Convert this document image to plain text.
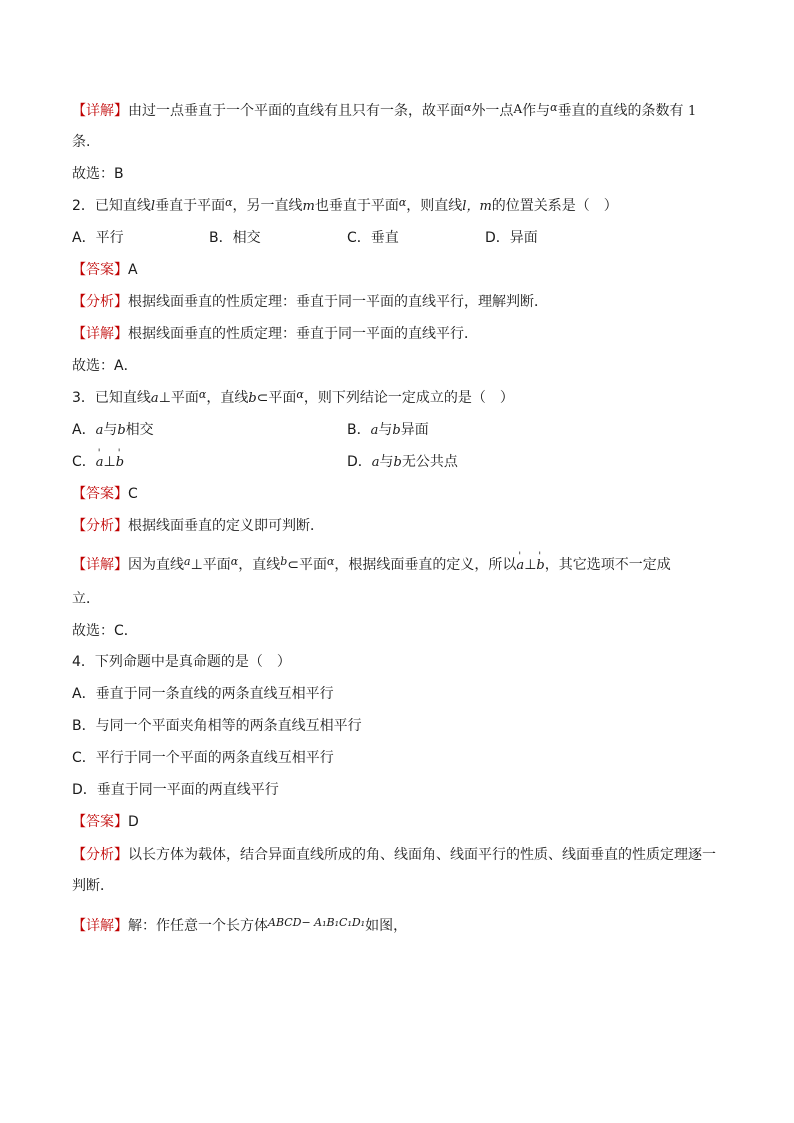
【详解】由过一点垂直于一个平面的直线有且只有一条，故平面$^\alpha$外一点A作与$^\alpha$垂直的直线的条数有 1
条.
故选：B
2．已知直线l垂直于平面$^\alpha$，另一直线m也垂直于平面$^\alpha$，则直线l，m的位置关系是（　）
A．平行	B．相交	C．垂直	D．异面
【答案】A
【分析】根据线面垂直的性质定理：垂直于同一平面的直线平行，理解判断．
【详解】根据线面垂直的性质定理：垂直于同一平面的直线平行．
故选：A．
3．已知直线a⊥平面$^\alpha$，直线b⊂平面$^\alpha$，则下列结论一定成立的是（　）
A．a与b相交	B．a与b异面
C．' a⊥' b	D．a与b无公共点
【答案】C
【分析】根据线面垂直的定义即可判断．
【详解】因为直线$^a$⊥平面$^\alpha$，直线$^b$⊂平面$^\alpha$，根据线面垂直的定义，所以' a⊥' b，其它选项不一定成
立．
故选：C．
4．下列命题中是真命题的是（　）
A．垂直于同一条直线的两条直线互相平行
B．与同一个平面夹角相等的两条直线互相平行
C．平行于同一个平面的两条直线互相平行
D．垂直于同一平面的两直线平行
【答案】D
【分析】以长方体为载体，结合异面直线所成的角、线面角、线面平行的性质、线面垂直的性质定理逐一
判断．
【详解】解：作任意一个长方体$^{ABCD- A_1B_1C_1D_1}$如图，
